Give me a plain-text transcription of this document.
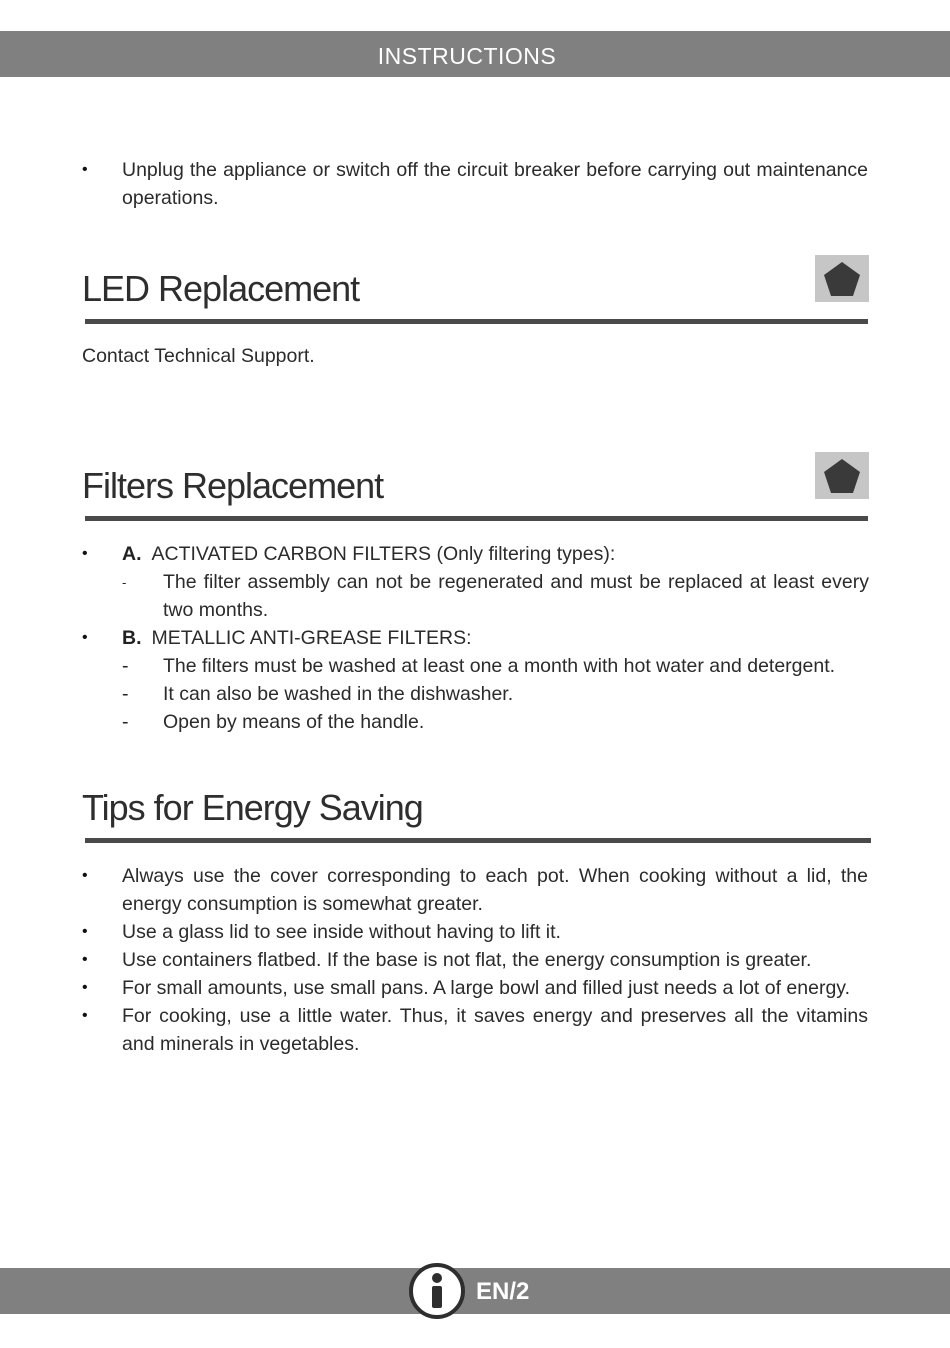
INSTRUCTIONS
• Unplug the appliance or switch off the circuit breaker before carrying out maintenance operations.
LED Replacement
Contact Technical Support.
Filters Replacement
• A. ACTIVATED CARBON FILTERS (Only filtering types):
- The filter assembly can not be regenerated and must be replaced at least every two months.
• B. METALLIC ANTI-GREASE FILTERS:
- The filters must be washed at least one a month with hot water and detergent.
- It can also be washed in the dishwasher.
- Open by means of the handle.
Tips for Energy Saving
• Always use the cover corresponding to each pot. When cooking without a lid, the energy consumption is somewhat greater.
• Use a glass lid to see inside without having to lift it.
• Use containers flatbed. If the base is not flat, the energy consumption is greater.
• For small amounts, use small pans. A large bowl and filled just needs a lot of energy.
• For cooking, use a little water. Thus, it saves energy and preserves all the vitamins and minerals in vegetables.
EN/2
